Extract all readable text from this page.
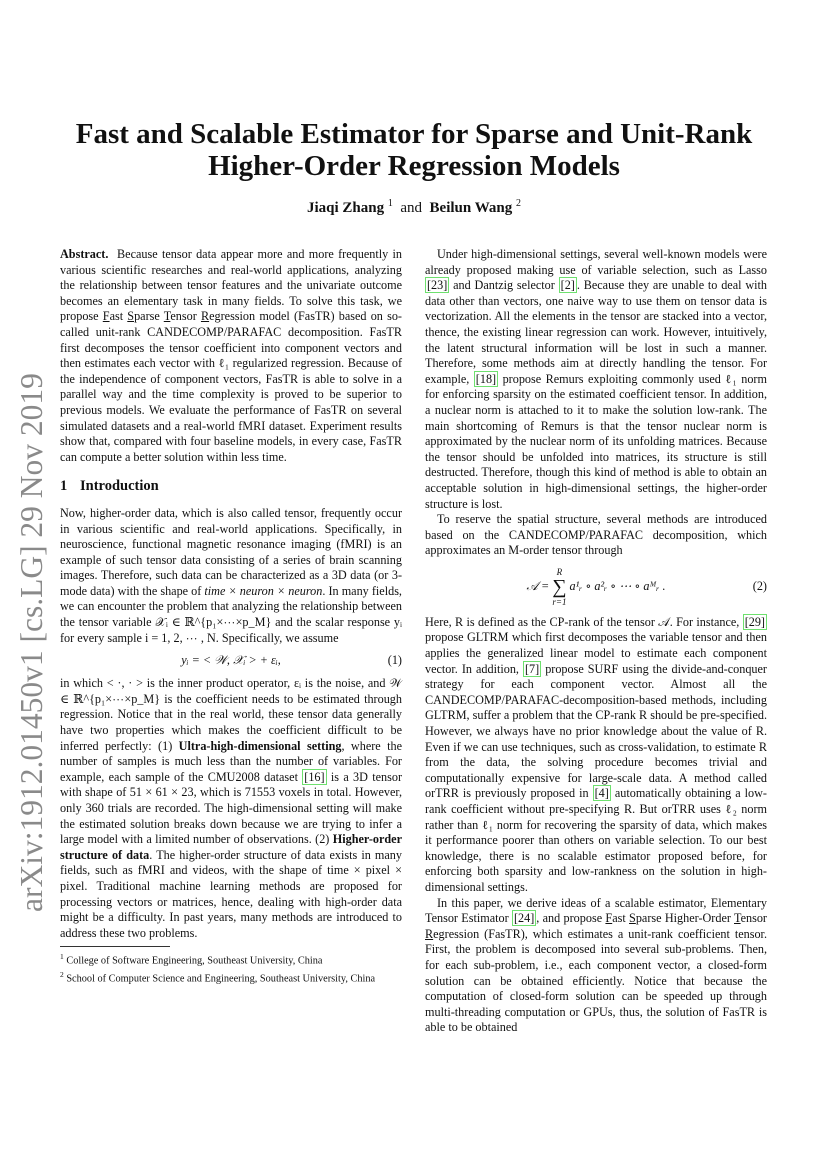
arXiv:1912.01450v1 [cs.LG] 29 Nov 2019
Fast and Scalable Estimator for Sparse and Unit-Rank Higher-Order Regression Models
Jiaqi Zhang $^1$ and Beilun Wang $^2$

Abstract. Because tensor data appear more and more frequently in various scientific researches and real-world applications, analyzing the relationship between tensor features and the univariate outcome becomes an elementary task in many fields. To solve this task, we propose Fast Sparse Tensor Regression model (FasTR) based on so-called unit-rank CANDECOMP/PARAFAC decomposition. FasTR first decomposes the tensor coefficient into component vectors and then estimates each vector with ℓ₁ regularized regression. Because of the independence of component vectors, FasTR is able to solve in a parallel way and the time complexity is proved to be superior to previous models. We evaluate the performance of FasTR on several simulated datasets and a real-world fMRI dataset. Experiment results show that, compared with four baseline models, in every case, FasTR can compute a better solution within less time.

1 Introduction

Now, higher-order data, which is also called tensor, frequently occur in various scientific and real-world applications. Specifically, in neuroscience, functional magnetic resonance imaging (fMRI) is an example of such tensor data consisting of a series of brain scanning images. Therefore, such data can be characterized as a 3D data (or 3-mode data) with the shape of time × neuron × neuron. In many fields, we can encounter the problem that analyzing the relationship between the tensor variable 𝒳ᵢ ∈ ℝ^{p₁×⋯×p_M} and the scalar response yᵢ for every sample i = 1, 2, ⋯ , N. Specifically, we assume

yᵢ = < 𝒲, 𝒳ᵢ > + εᵢ,	(1)

in which < ·, · > is the inner product operator, εᵢ is the noise, and 𝒲 ∈ ℝ^{p₁×⋯×p_M} is the coefficient needs to be estimated through regression. Notice that in the real world, these tensor data generally have two properties which makes the coefficient difficult to be inferred perfectly: (1) Ultra-high-dimensional setting, where the number of samples is much less than the number of variables. For example, each sample of the CMU2008 dataset [16] is a 3D tensor with shape of 51 × 61 × 23, which is 71553 voxels in total. However, only 360 trials are recorded. The high-dimensional setting will make the estimated solution breaks down because we are trying to infer a large model with a limited number of observations. (2) Higher-order structure of data. The higher-order structure of data exists in many fields, such as fMRI and videos, with the shape of time × pixel × pixel. Traditional machine learning methods are proposed for processing vectors or matrices, hence, dealing with high-order data might be a difficulty. In past years, many methods are introduced to address these two problems.

$^1$ College of Software Engineering, Southeast University, China
$^2$ School of Computer Science and Engineering, Southeast University, China

Under high-dimensional settings, several well-known models were already proposed making use of variable selection, such as Lasso [23] and Dantzig selector [2] . Because they are unable to deal with data other than vectors, one naive way to use them on tensor data is vectorization. All the elements in the tensor are stacked into a vector, thence, the existing linear regression can work. However, intuitively, the latent structural information will be lost in such a manner. Therefore, some methods aim at directly handling the tensor. For example, [18] propose Remurs exploiting commonly used ℓ₁ norm for enforcing sparsity on the estimated coefficient tensor. In addition, a nuclear norm is attached to it to make the solution low-rank. The main shortcoming of Remurs is that the tensor nuclear norm is approximated by the nuclear norm of its unfolding matrices. Because the tensor should be unfolded into matrices, its structure is still destructed. Therefore, though this kind of method is able to obtain an acceptable solution in high-dimensional settings, the higher-order structure is lost.

To reserve the spatial structure, several methods are introduced based on the CANDECOMP/PARAFAC decomposition, which approximates an M-order tensor through

𝒜 =
R
∑
r=1
a¹ᵣ ∘ a²ᵣ ∘ ⋯ ∘ aᴹᵣ .	(2)

Here, R is defined as the CP-rank of the tensor 𝒜. For instance, [29] propose GLTRM which first decomposes the variable tensor and then applies the generalized linear model to estimate each component vector. In addition, [7] propose SURF using the divide-and-conquer strategy for each component vector. Almost all the CANDECOMP/PARAFAC-decomposition-based methods, including GLTRM, suffer a problem that the CP-rank R should be pre-specified. However, we always have no prior knowledge about the value of R. Even if we can use techniques, such as cross-validation, to estimate R from the data, the solving procedure becomes trivial and computationally expensive for large-scale data. A method called orTRR is previously proposed in [4] automatically obtaining a low-rank coefficient without pre-specifying R. But orTRR uses ℓ₂ norm rather than ℓ₁ norm for recovering the sparsity of data, which makes it performance poorer than others on variable selection. To our best knowledge, there is no scalable estimator proposed before, for enforcing both sparsity and low-rankness on the solution in high-dimensional settings.

In this paper, we derive ideas of a scalable estimator, Elementary Tensor Estimator [24] , and propose Fast Sparse Higher-Order Tensor Regression (FasTR), which estimates a unit-rank coefficient tensor. First, the problem is decomposed into several sub-problems. Then, for each sub-problem, i.e., each component vector, a closed-form solution can be obtained efficiently. Notice that because the computation of closed-form solution can be speeded up through multi-threading computation or GPUs, thus, the solution of FasTR is able to be obtained
